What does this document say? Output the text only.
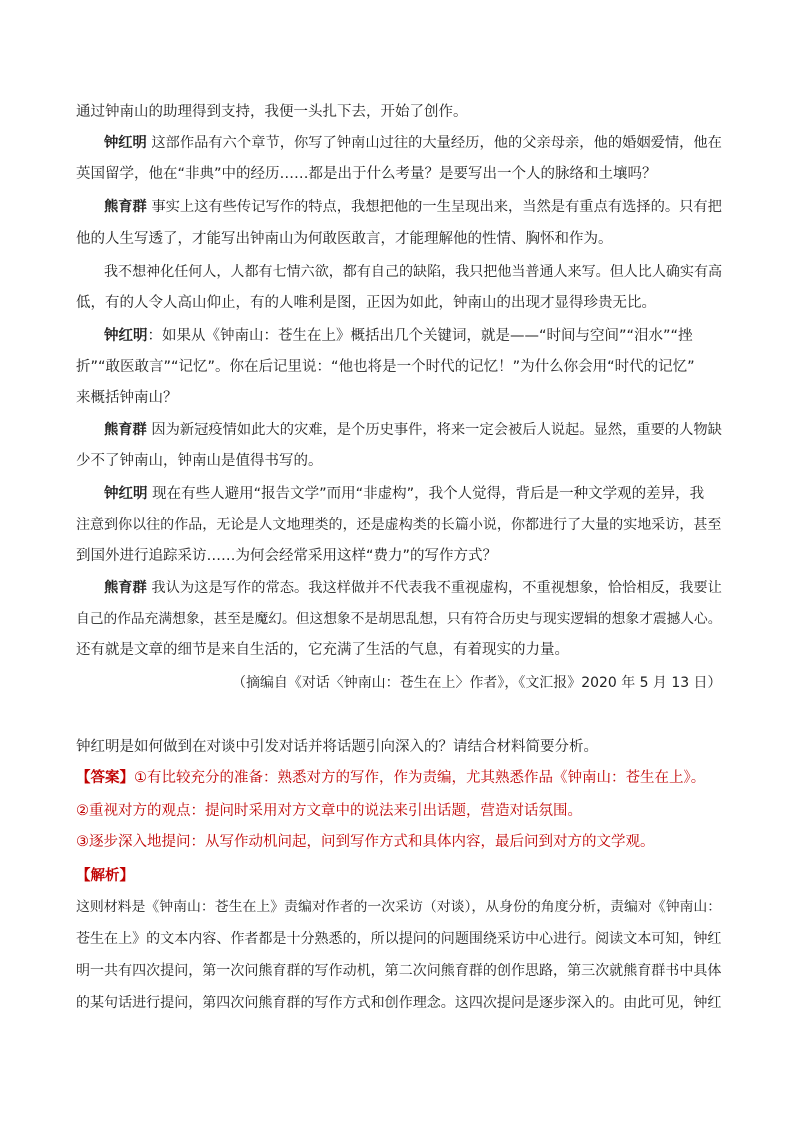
通过钟南山的助理得到支持，我便一头扎下去，开始了创作。
钟红明 这部作品有六个章节，你写了钟南山过往的大量经历，他的父亲母亲，他的婚姻爱情，他在
英国留学，他在“非典”中的经历……都是出于什么考量？是要写出一个人的脉络和土壤吗？
熊育群 事实上这有些传记写作的特点，我想把他的一生呈现出来，当然是有重点有选择的。只有把
他的人生写透了，才能写出钟南山为何敢医敢言，才能理解他的性情、胸怀和作为。
我不想神化任何人，人都有七情六欲，都有自己的缺陷，我只把他当普通人来写。但人比人确实有高
低，有的人令人高山仰止，有的人唯利是图，正因为如此，钟南山的出现才显得珍贵无比。
钟红明：如果从《钟南山：苍生在上》概括出几个关键词，就是——“时间与空间”“泪水”“挫
折”“敢医敢言”“记忆”。你在后记里说：“他也将是一个时代的记忆！”为什么你会用“时代的记忆”
来概括钟南山？
熊育群 因为新冠疫情如此大的灾难，是个历史事件，将来一定会被后人说起。显然，重要的人物缺
少不了钟南山，钟南山是值得书写的。
钟红明 现在有些人避用“报告文学”而用“非虚构”，我个人觉得，背后是一种文学观的差异，我
注意到你以往的作品，无论是人文地理类的，还是虚构类的长篇小说，你都进行了大量的实地采访，甚至
到国外进行追踪采访……为何会经常采用这样“费力”的写作方式？
熊育群 我认为这是写作的常态。我这样做并不代表我不重视虚构，不重视想象，恰恰相反，我要让
自己的作品充满想象，甚至是魔幻。但这想象不是胡思乱想，只有符合历史与现实逻辑的想象才震撼人心。
还有就是文章的细节是来自生活的，它充满了生活的气息，有着现实的力量。
（摘编自《对话〈钟南山：苍生在上〉作者》，《文汇报》2020 年 5 月 13 日）
钟红明是如何做到在对谈中引发对话并将话题引向深入的？请结合材料简要分析。
【答案】①有比较充分的准备：熟悉对方的写作，作为责编，尤其熟悉作品《钟南山：苍生在上》。
②重视对方的观点：提问时采用对方文章中的说法来引出话题，营造对话氛围。
③逐步深入地提问：从写作动机问起，问到写作方式和具体内容，最后问到对方的文学观。
【解析】
这则材料是《钟南山：苍生在上》责编对作者的一次采访（对谈），从身份的角度分析，责编对《钟南山：
苍生在上》的文本内容、作者都是十分熟悉的，所以提问的问题围绕采访中心进行。阅读文本可知，钟红
明一共有四次提问，第一次问熊育群的写作动机，第二次问熊育群的创作思路，第三次就熊育群书中具体
的某句话进行提问，第四次问熊育群的写作方式和创作理念。这四次提问是逐步深入的。由此可见，钟红
